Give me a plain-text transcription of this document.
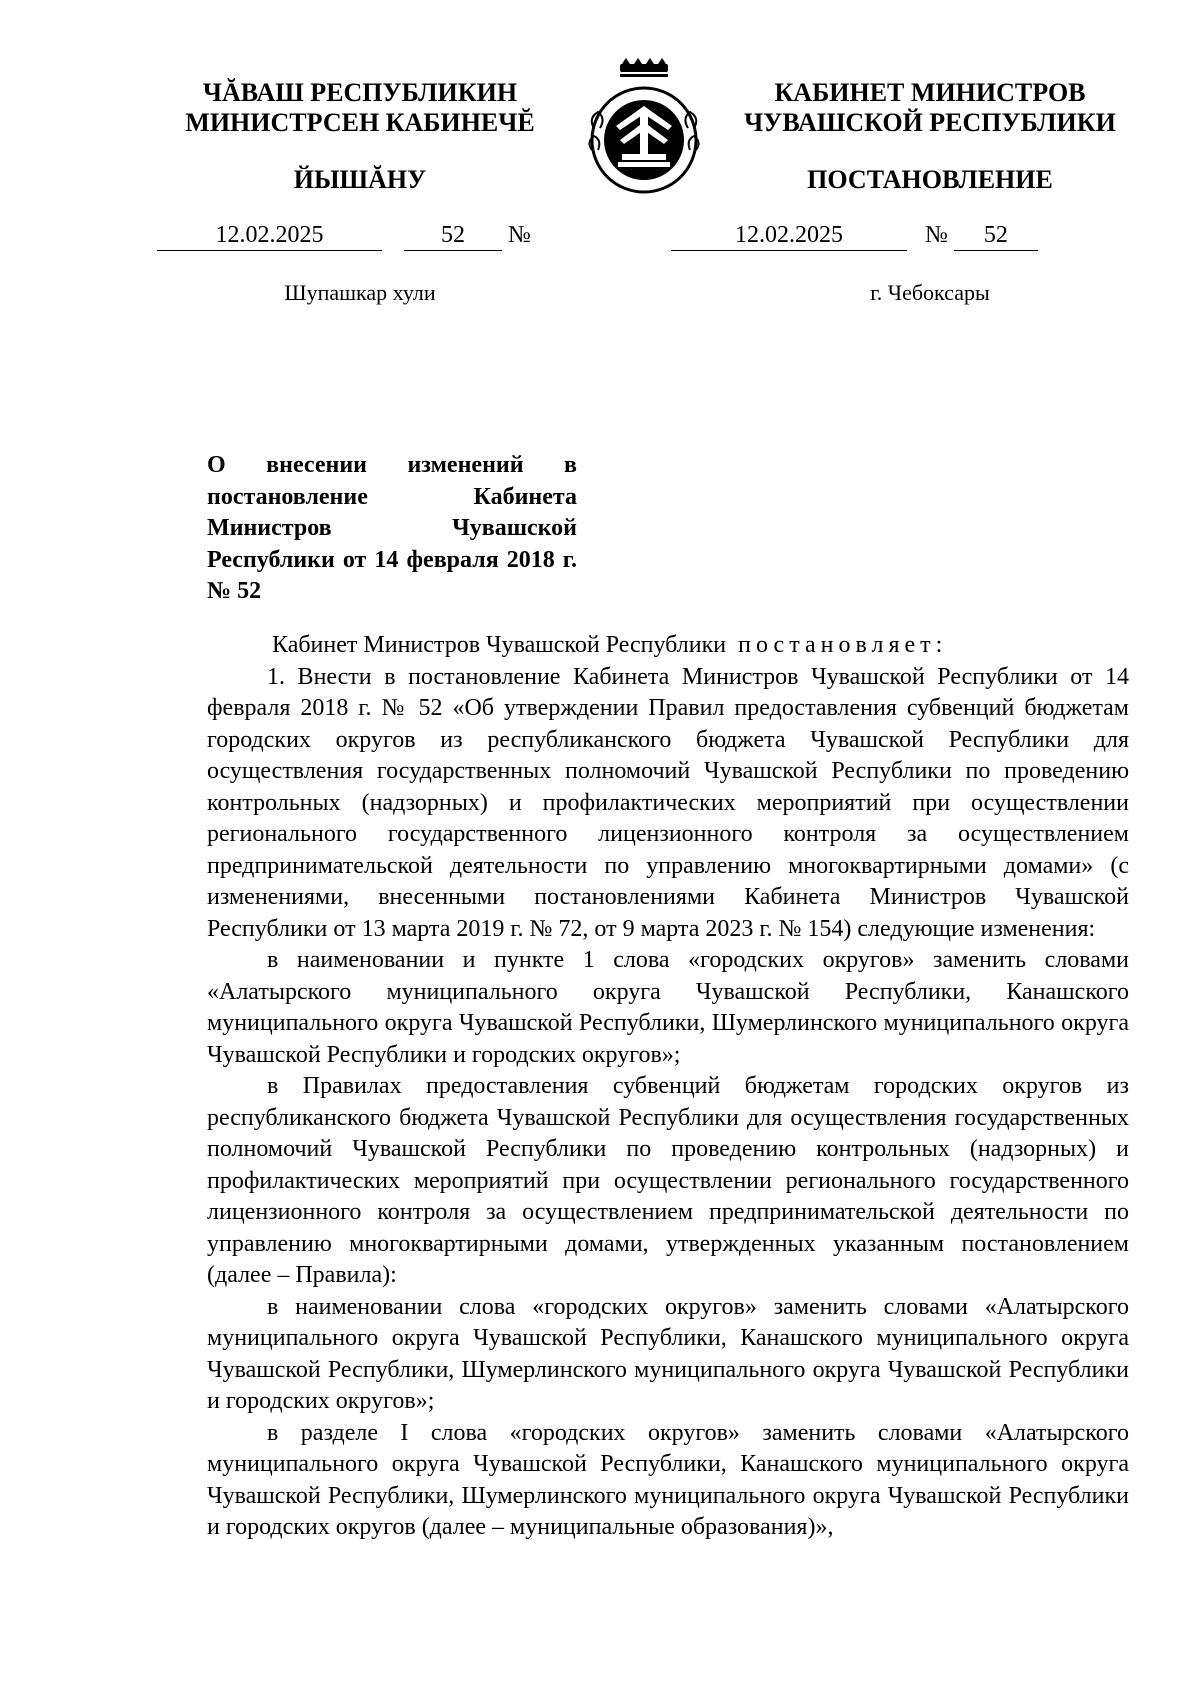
ЧĂВАШ РЕСПУБЛИКИН
МИНИСТРСЕН КАБИНЕЧĔ
ЙЫШĂНУ
КАБИНЕТ МИНИСТРОВ
ЧУВАШСКОЙ РЕСПУБЛИКИ
ПОСТАНОВЛЕНИЕ
12.02.2025	52 №	12.02.2025	№ 52
Шупашкар хули	г. Чебоксары
О внесении изменений в постановление Кабинета Министров Чувашской Республики от 14 февраля 2018 г. № 52

Кабинет Министров Чувашской Республики постановляет:

1. Внести в постановление Кабинета Министров Чувашской Республики от 14 февраля 2018 г. № 52 «Об утверждении Правил предоставления субвенций бюджетам городских округов из республиканского бюджета Чувашской Республики для осуществления государственных полномочий Чувашской Республики по проведению контрольных (надзорных) и профилактических мероприятий при осуществлении регионального государственного лицензионного контроля за осуществлением предпринимательской деятельности по управлению многоквартирными домами» (с изменениями, внесенными постановлениями Кабинета Министров Чувашской Республики от 13 марта 2019 г. № 72, от 9 марта 2023 г. № 154) следующие изменения:

в наименовании и пункте 1 слова «городских округов» заменить словами «Алатырского муниципального округа Чувашской Республики, Канашского муниципального округа Чувашской Республики, Шумерлинского муниципального округа Чувашской Республики и городских округов»;

в Правилах предоставления субвенций бюджетам городских округов из республиканского бюджета Чувашской Республики для осуществления государственных полномочий Чувашской Республики по проведению контрольных (надзорных) и профилактических мероприятий при осуществлении регионального государственного лицензионного контроля за осуществлением предпринимательской деятельности по управлению многоквартирными домами, утвержденных указанным постановлением (далее – Правила):

в наименовании слова «городских округов» заменить словами «Алатырского муниципального округа Чувашской Республики, Канашского муниципального округа Чувашской Республики, Шумерлинского муниципального округа Чувашской Республики и городских округов»;

в разделе I слова «городских округов» заменить словами «Алатырского муниципального округа Чувашской Республики, Канашского муниципального округа Чувашской Республики, Шумерлинского муниципального округа Чувашской Республики и городских округов (далее – муниципальные образования)»,
